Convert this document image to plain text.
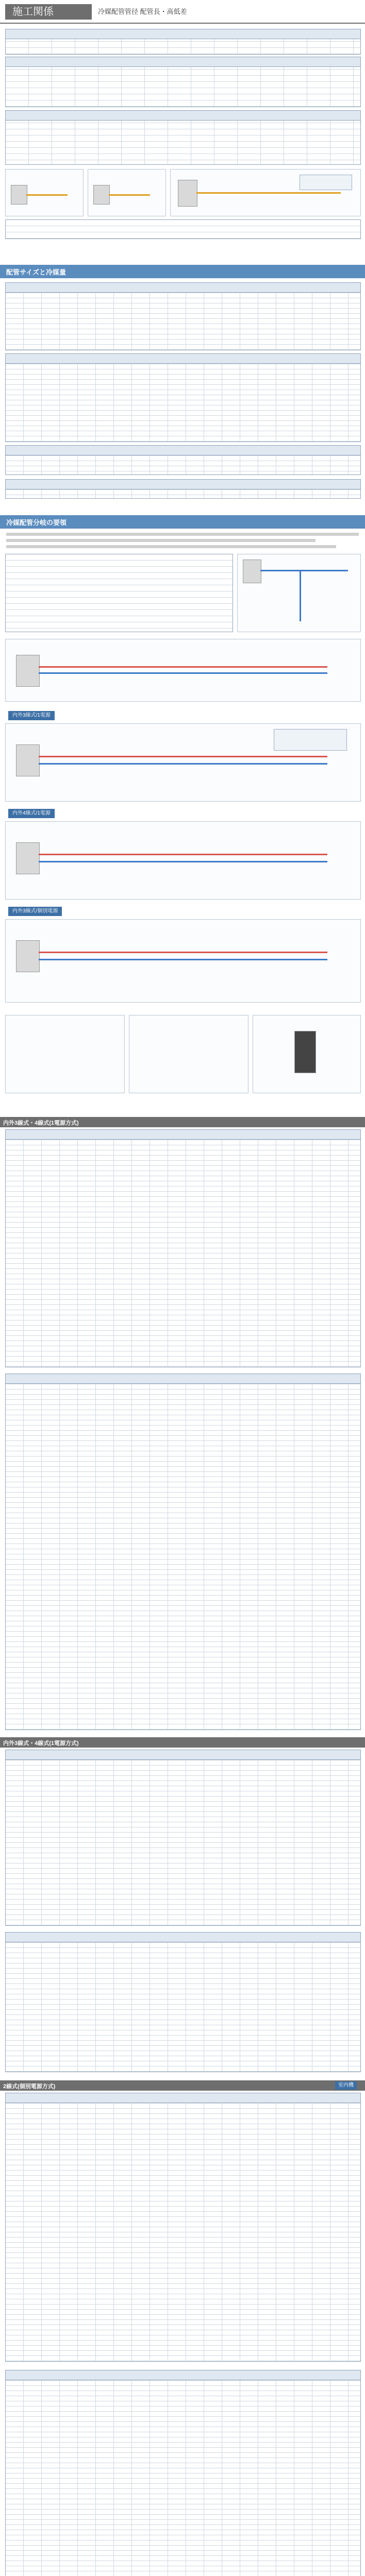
施工関係	冷媒配管管径 配管長・高低差
配管サイズと冷媒量
冷媒配管分岐の要領
内外3線式/1電源
内外4線式/1電源
内外3線式/個別電源
内外3線式・4線式(1電源方式)
内外3線式・4線式(1電源方式)
2線式(個別電源方式)	室内機
